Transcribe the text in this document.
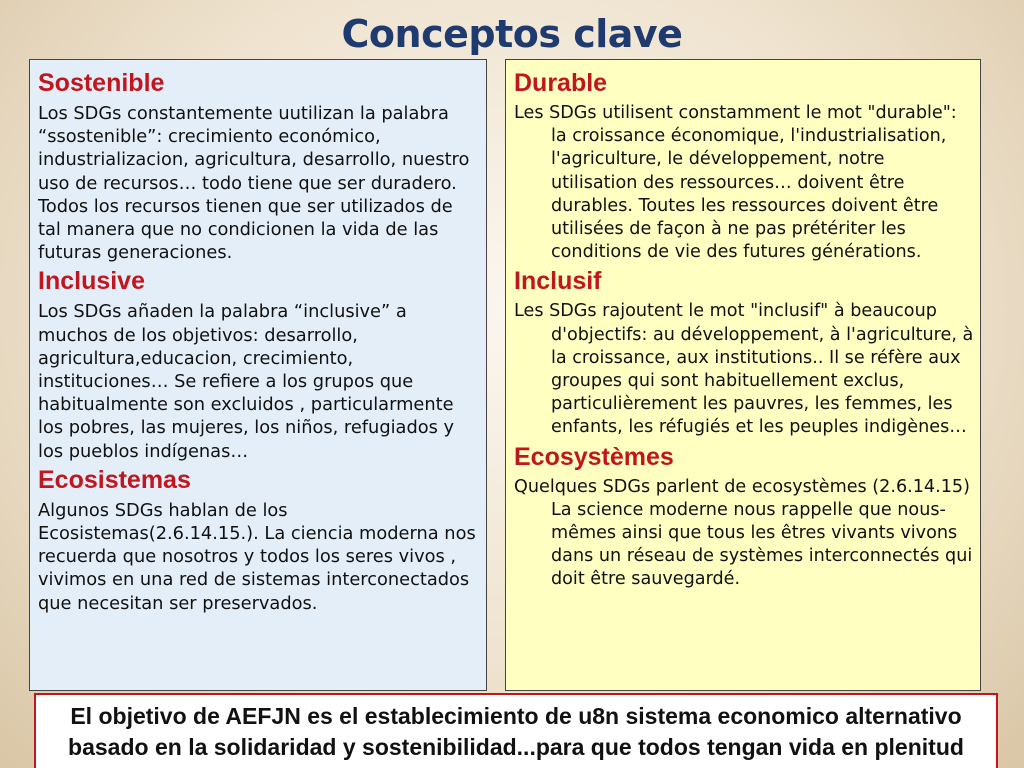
Conceptos clave
Sostenible
Los SDGs constantemente uutilizan la palabra “ssostenible”: crecimiento económico, industrializacion, agricultura, desarrollo, nuestro uso de recursos… todo tiene que ser duradero.
Todos los recursos tienen que ser utilizados de tal manera que no condicionen la vida de las futuras generaciones.
Inclusive
Los SDGs añaden la palabra “inclusive” a muchos de los objetivos: desarrollo, agricultura,educacion, crecimiento, instituciones… Se refiere a los grupos que habitualmente son excluidos , particularmente los pobres, las mujeres, los niños, refugiados y los pueblos indígenas…
Ecosistemas
Algunos SDGs hablan de los Ecosistemas(2.6.14.15.). La ciencia moderna nos recuerda que nosotros y todos los seres vivos , vivimos en una red de sistemas interconectados que necesitan ser preservados.
Durable
Les SDGs utilisent constamment le mot "durable": la croissance économique, l'industrialisation, l'agriculture, le développement, notre utilisation des ressources… doivent être durables. Toutes les ressources doivent être utilisées de façon à ne pas prétériter les conditions de vie des futures générations.
Inclusif
Les SDGs rajoutent le mot "inclusif" à beaucoup d'objectifs: au développement, à l'agriculture, à la croissance, aux institutions.. Il se réfère aux groupes qui sont habituellement exclus, particulièrement les pauvres, les femmes, les enfants, les réfugiés et les peuples indigènes…
Ecosystèmes
Quelques SDGs parlent de ecosystèmes (2.6.14.15) La science moderne nous rappelle que nous-mêmes ainsi que tous les êtres vivants vivons dans un réseau de systèmes interconnectés qui doit être sauvegardé.
El objetivo de AEFJN es el establecimiento de u8n sistema economico alternativo basado en la solidaridad y sostenibilidad...para que todos tengan vida en plenitud
